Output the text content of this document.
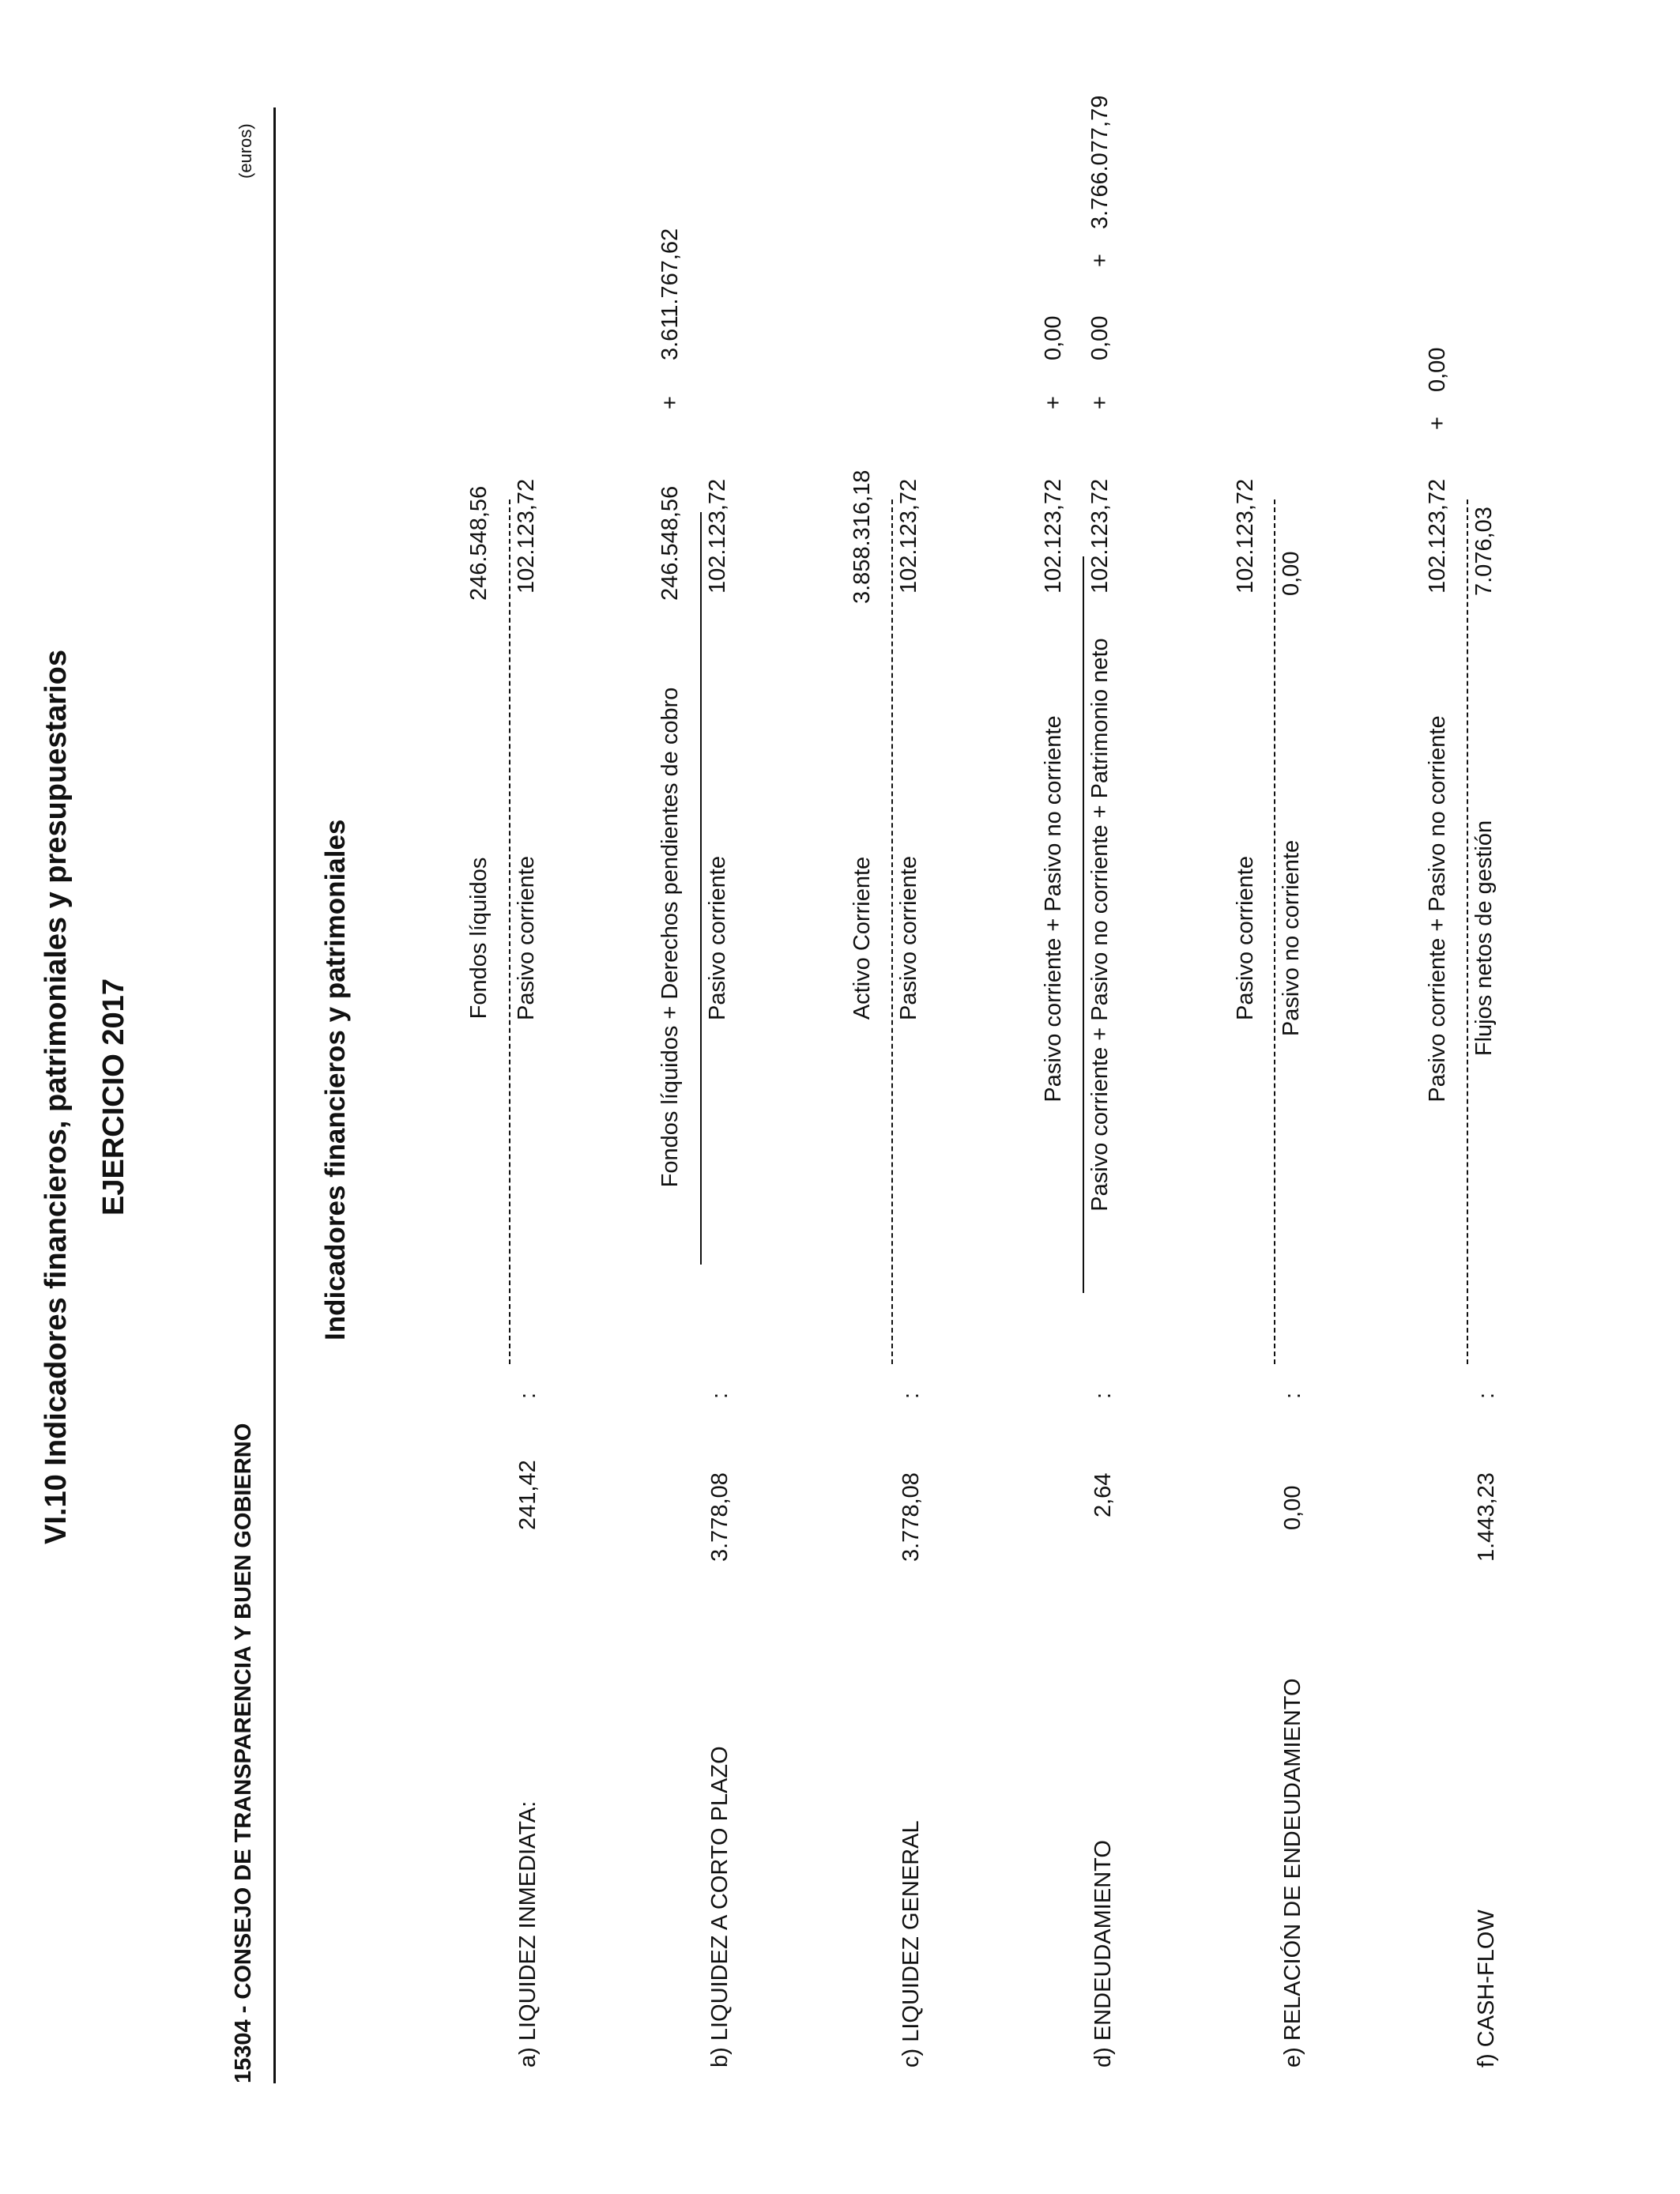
VI.10 Indicadores financieros, patrimoniales y presupuestarios EJERCICIO 2017
15304 - CONSEJO DE TRANSPARENCIA Y BUEN GOBIERNO
(euros)
Indicadores financieros y patrimoniales
a) LIQUIDEZ INMEDIATA:
241,42
:
Fondos líquidos Pasivo corriente
246.548,56 102.123,72
b) LIQUIDEZ A CORTO PLAZO
3.778,08
:
Fondos líquidos + Derechos pendientes de cobro Pasivo corriente
246.548,56
+
3.611.767,62
102.123,72
c) LIQUIDEZ GENERAL
3.778,08
:
Activo Corriente Pasivo corriente
3.858.316,18 102.123,72
d) ENDEUDAMIENTO
2,64
:
Pasivo corriente + Pasivo no corriente Pasivo corriente + Pasivo no corriente + Patrimonio neto
102.123,72
+
0,00
102.123,72
+
0,00
+
3.766.077,79
e) RELACIÓN DE ENDEUDAMIENTO
0,00
:
Pasivo corriente Pasivo no corriente
102.123,72 0,00
f) CASH-FLOW
1.443,23
:
Pasivo corriente + Pasivo no corriente Flujos netos de gestión
102.123,72
+
0,00
7.076,03
